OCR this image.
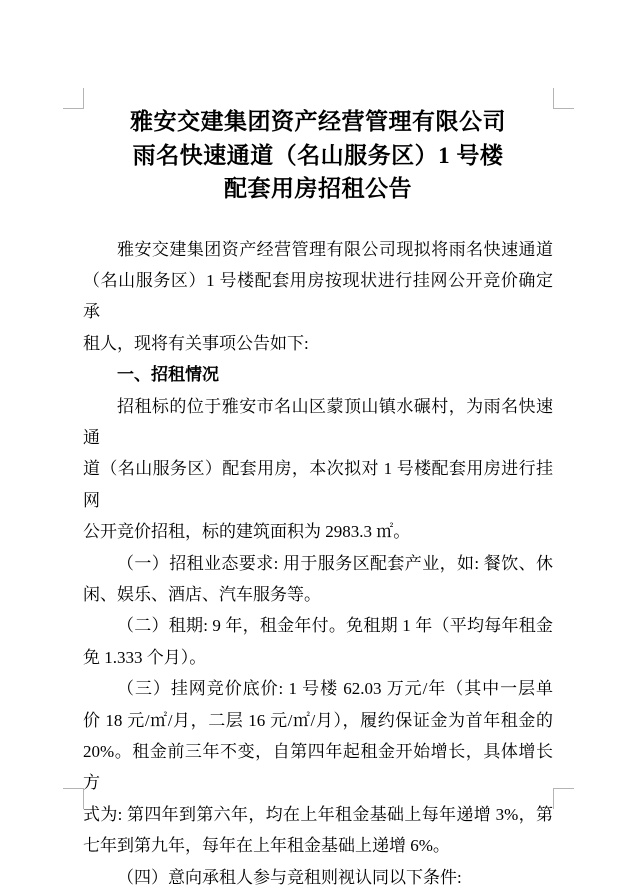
雅安交建集团资产经营管理有限公司
雨名快速通道（名山服务区）1 号楼
配套用房招租公告
雅安交建集团资产经营管理有限公司现拟将雨名快速通道
（名山服务区）1 号楼配套用房按现状进行挂网公开竞价确定承
租人，现将有关事项公告如下:
一、招租情况
招租标的位于雅安市名山区蒙顶山镇水碾村，为雨名快速通
道（名山服务区）配套用房，本次拟对 1 号楼配套用房进行挂网
公开竞价招租，标的建筑面积为 2983.3 ㎡。
（一）招租业态要求: 用于服务区配套产业，如: 餐饮、休
闲、娱乐、酒店、汽车服务等。
（二）租期: 9 年，租金年付。免租期 1 年（平均每年租金
免 1.333 个月）。
（三）挂网竞价底价: 1 号楼 62.03 万元/年（其中一层单
价 18 元/㎡/月，二层 16 元/㎡/月），履约保证金为首年租金的
20%。租金前三年不变，自第四年起租金开始增长，具体增长方
式为: 第四年到第六年，均在上年租金基础上每年递增 3%，第
七年到第九年，每年在上年租金基础上递增 6%。
（四）意向承租人参与竞租则视认同以下条件:
